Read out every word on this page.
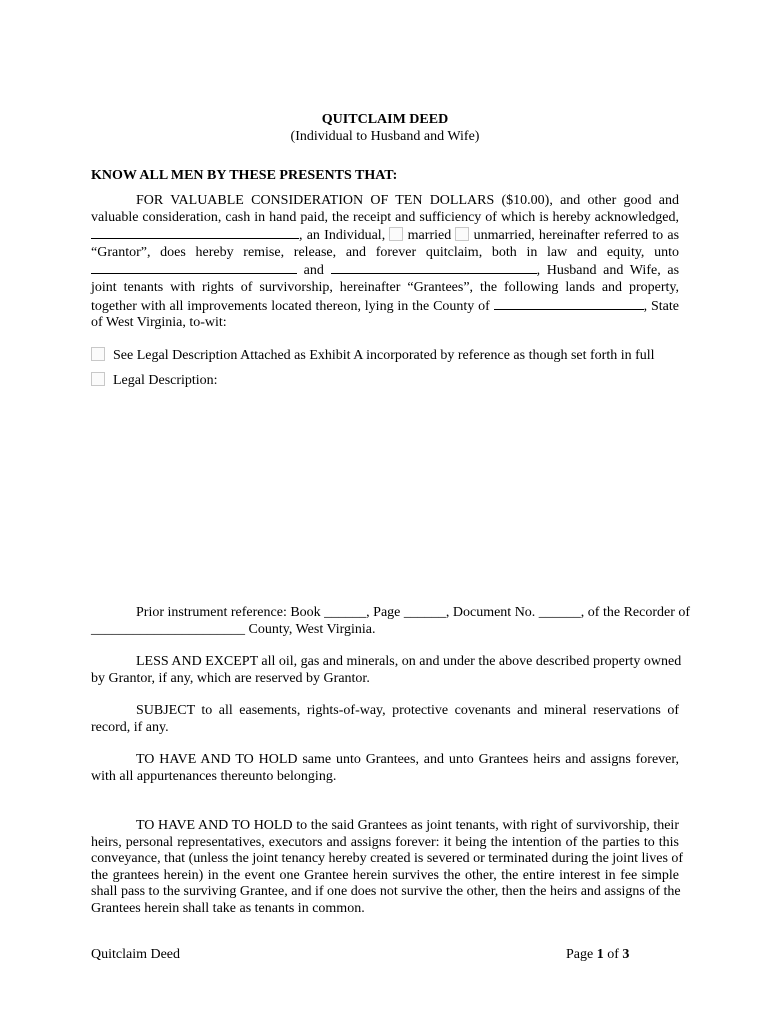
QUITCLAIM DEED
(Individual to Husband and Wife)
KNOW ALL MEN BY THESE PRESENTS THAT:
FOR VALUABLE CONSIDERATION OF TEN DOLLARS ($10.00), and other good and
valuable consideration, cash in hand paid, the receipt and sufficiency of which is hereby acknowledged,
, an Individual, married unmarried, hereinafter referred to as
“Grantor”, does hereby remise, release, and forever quitclaim, both in law and equity, unto
and	, Husband and Wife, as
joint tenants with rights of survivorship, hereinafter “Grantees”, the following lands and property,
together with all improvements located thereon, lying in the County of	, State
of West Virginia, to-wit:
See Legal Description Attached as Exhibit A incorporated by reference as though set forth in full
Legal Description:
Prior instrument reference: Book ______, Page ______, Document No. ______, of the Recorder of
______________________ County, West Virginia.
LESS AND EXCEPT all oil, gas and minerals, on and under the above described property owned
by Grantor, if any, which are reserved by Grantor.
SUBJECT to all easements, rights-of-way, protective covenants and mineral reservations of
record, if any.
TO HAVE AND TO HOLD same unto Grantees, and unto Grantees heirs and assigns forever,
with all appurtenances thereunto belonging.
TO HAVE AND TO HOLD to the said Grantees as joint tenants, with right of survivorship, their
heirs, personal representatives, executors and assigns forever: it being the intention of the parties to this
conveyance, that (unless the joint tenancy hereby created is severed or terminated during the joint lives of
the grantees herein) in the event one Grantee herein survives the other, the entire interest in fee simple
shall pass to the surviving Grantee, and if one does not survive the other, then the heirs and assigns of the
Grantees herein shall take as tenants in common.
Quitclaim Deed	Page 1 of 3
